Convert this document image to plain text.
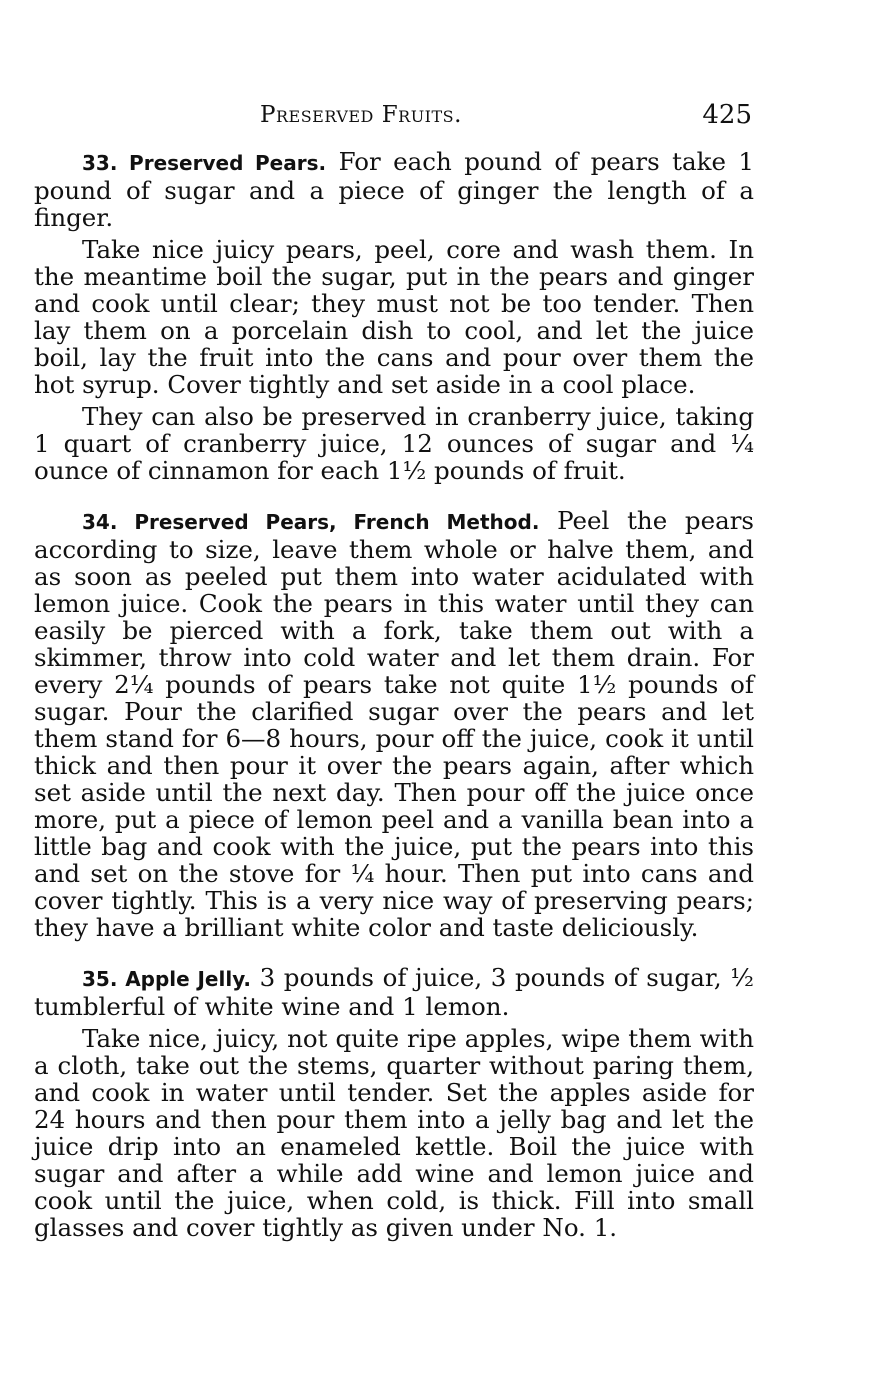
Preserved Fruits.	425

33. Preserved Pears. For each pound of pears take 1 pound of sugar and a piece of ginger the length of a finger.

Take nice juicy pears, peel, core and wash them. In the meantime boil the sugar, put in the pears and ginger and cook until clear; they must not be too tender. Then lay them on a porcelain dish to cool, and let the juice boil, lay the fruit into the cans and pour over them the hot syrup. Cover tightly and set aside in a cool place.

They can also be preserved in cranberry juice, taking 1 quart of cranberry juice, 12 ounces of sugar and ¼ ounce of cinnamon for each 1½ pounds of fruit.

34. Preserved Pears, French Method. Peel the pears according to size, leave them whole or halve them, and as soon as peeled put them into water acidulated with lemon juice. Cook the pears in this water until they can easily be pierced with a fork, take them out with a skimmer, throw into cold water and let them drain. For every 2¼ pounds of pears take not quite 1½ pounds of sugar. Pour the clarified sugar over the pears and let them stand for 6—8 hours, pour off the juice, cook it until thick and then pour it over the pears again, after which set aside until the next day. Then pour off the juice once more, put a piece of lemon peel and a vanilla bean into a little bag and cook with the juice, put the pears into this and set on the stove for ¼ hour. Then put into cans and cover tightly. This is a very nice way of preserving pears; they have a brilliant white color and taste deliciously.

35. Apple Jelly. 3 pounds of juice, 3 pounds of sugar, ½ tumblerful of white wine and 1 lemon.

Take nice, juicy, not quite ripe apples, wipe them with a cloth, take out the stems, quarter without paring them, and cook in water until tender. Set the apples aside for 24 hours and then pour them into a jelly bag and let the juice drip into an enameled kettle. Boil the juice with sugar and after a while add wine and lemon juice and cook until the juice, when cold, is thick. Fill into small glasses and cover tightly as given under No. 1.
